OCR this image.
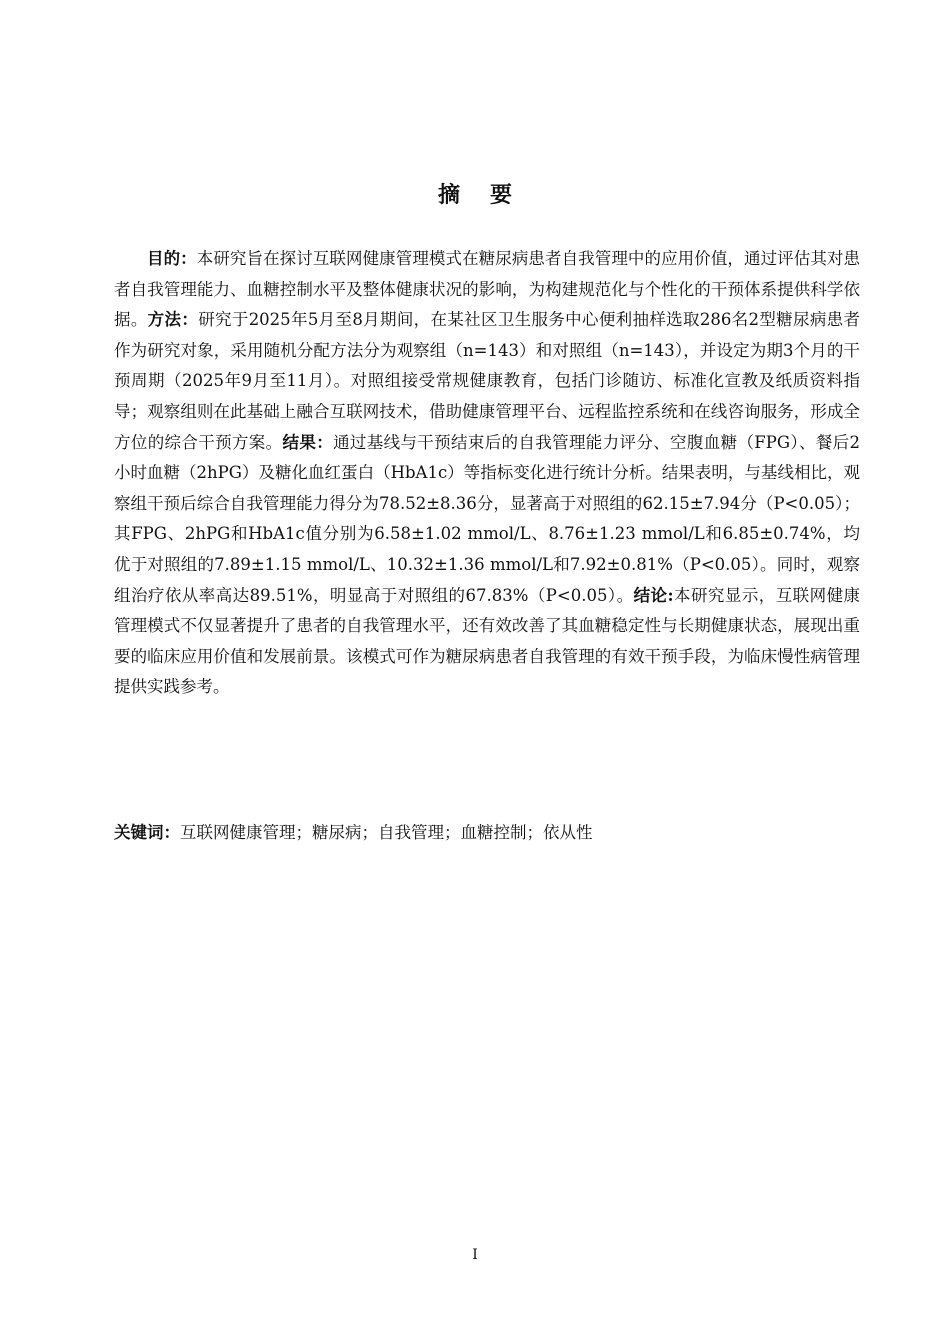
摘要

目的：本研究旨在探讨互联网健康管理模式在糖尿病患者自我管理中的应用价值，通过评估其对患者自我管理能力、血糖控制水平及整体健康状况的影响，为构建规范化与个性化的干预体系提供科学依据。方法：研究于2025年5月至8月期间，在某社区卫生服务中心便利抽样选取286名2型糖尿病患者作为研究对象，采用随机分配方法分为观察组（n=143）和对照组（n=143），并设定为期3个月的干预周期（2025年9月至11月）。对照组接受常规健康教育，包括门诊随访、标准化宣教及纸质资料指导；观察组则在此基础上融合互联网技术，借助健康管理平台、远程监控系统和在线咨询服务，形成全方位的综合干预方案。结果：通过基线与干预结束后的自我管理能力评分、空腹血糖（FPG）、餐后2小时血糖（2hPG）及糖化血红蛋白（HbA1c）等指标变化进行统计分析。结果表明，与基线相比，观察组干预后综合自我管理能力得分为78.52±8.36分，显著高于对照组的62.15±7.94分（P<0.05）；其FPG、2hPG和HbA1c值分别为6.58±1.02 mmol/L、8.76±1.23 mmol/L和6.85±0.74%，均优于对照组的7.89±1.15 mmol/L、10.32±1.36 mmol/L和7.92±0.81%（P<0.05）。同时，观察组治疗依从率高达89.51%，明显高于对照组的67.83%（P<0.05）。结论:本研究显示，互联网健康管理模式不仅显著提升了患者的自我管理水平，还有效改善了其血糖稳定性与长期健康状态，展现出重要的临床应用价值和发展前景。该模式可作为糖尿病患者自我管理的有效干预手段，为临床慢性病管理提供实践参考。

关键词：互联网健康管理；糖尿病；自我管理；血糖控制；依从性

I
